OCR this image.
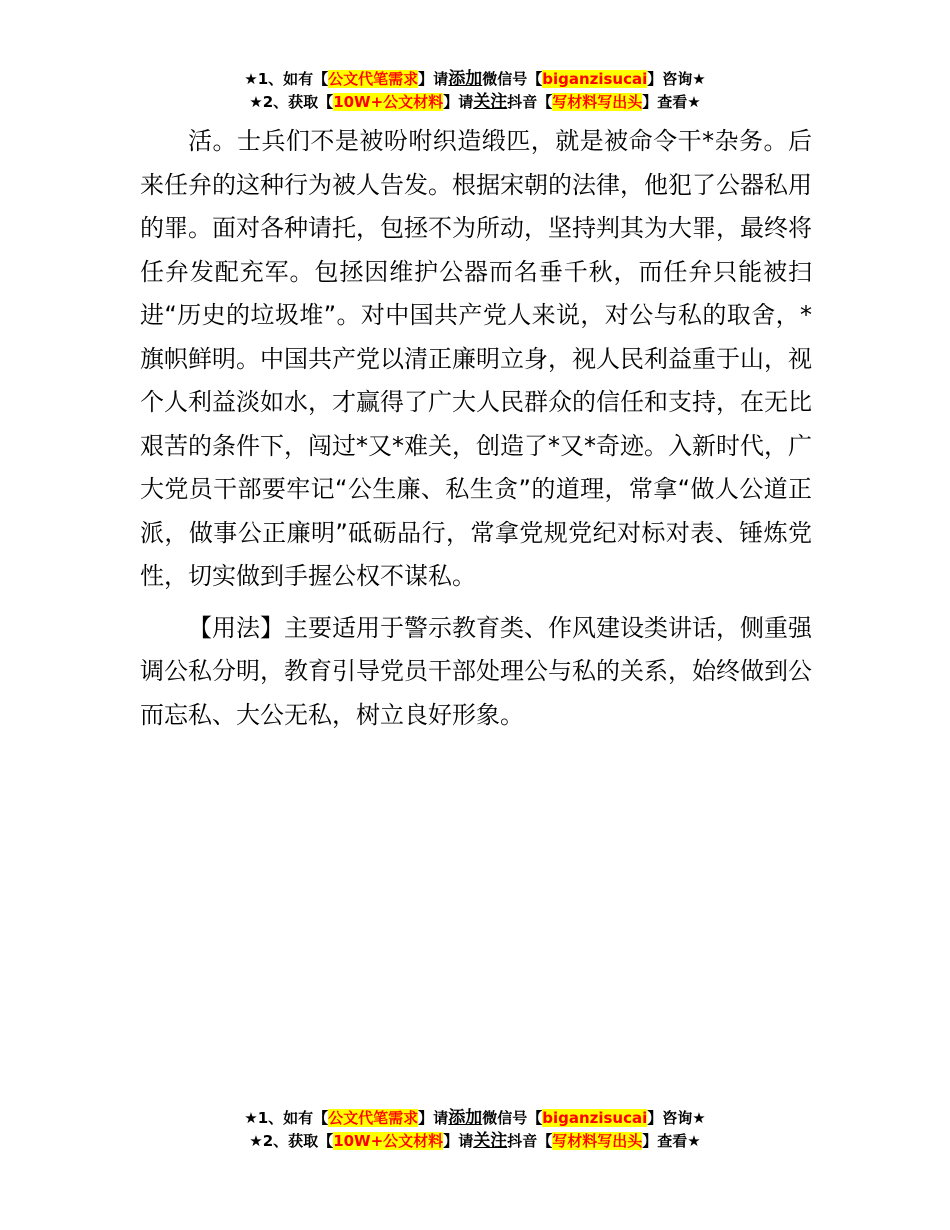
★1、如有【公文代笔需求】请添加微信号【biganzisucai】咨询★
★2、获取【10W+公文材料】请关注抖音【写材料写出头】查看★

活。士兵们不是被吩咐织造缎匹，就是被命令干*杂务。后来任弁的这种行为被人告发。根据宋朝的法律，他犯了公器私用的罪。面对各种请托，包拯不为所动，坚持判其为大罪，最终将任弁发配充军。包拯因维护公器而名垂千秋，而任弁只能被扫进“历史的垃圾堆”。对中国共产党人来说，对公与私的取舍，*旗帜鲜明。中国共产党以清正廉明立身，视人民利益重于山，视个人利益淡如水，才赢得了广大人民群众的信任和支持，在无比艰苦的条件下，闯过*又*难关，创造了*又*奇迹。入新时代，广大党员干部要牢记“公生廉、私生贪”的道理，常拿“做人公道正派，做事公正廉明”砥砺品行，常拿党规党纪对标对表、锤炼党性，切实做到手握公权不谋私。

【用法】主要适用于警示教育类、作风建设类讲话，侧重强调公私分明，教育引导党员干部处理公与私的关系，始终做到公而忘私、大公无私，树立良好形象。

★1、如有【公文代笔需求】请添加微信号【biganzisucai】咨询★
★2、获取【10W+公文材料】请关注抖音【写材料写出头】查看★
